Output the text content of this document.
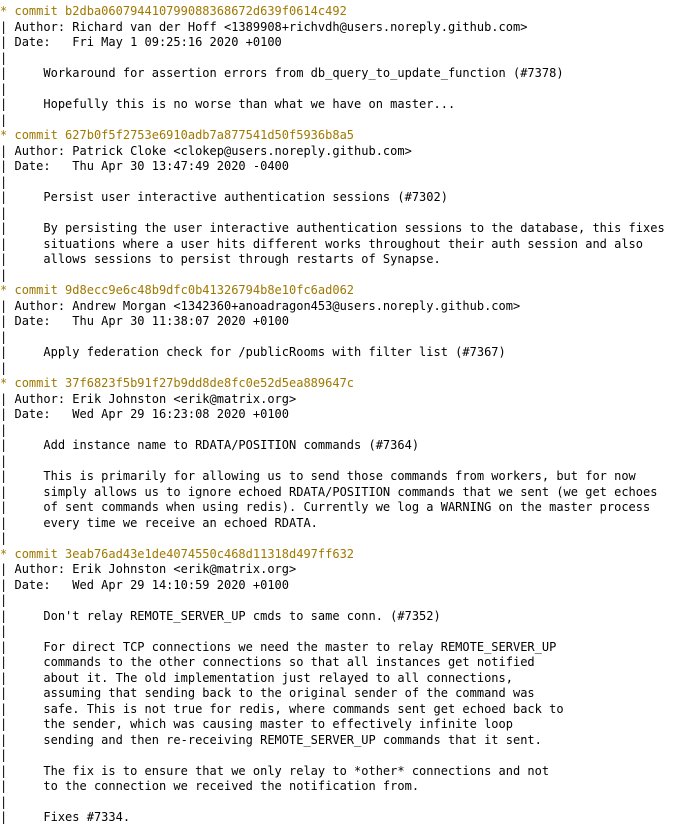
* commit b2dba060794410799088368672d639f0614c492
| Author: Richard van der Hoff <1389908+richvdh@users.noreply.github.com>
| Date:   Fri May 1 09:25:16 2020 +0100
|
|     Workaround for assertion errors from db_query_to_update_function (#7378)
|
|     Hopefully this is no worse than what we have on master...
|
* commit 627b0f5f2753e6910adb7a877541d50f5936b8a5
| Author: Patrick Cloke <clokep@users.noreply.github.com>
| Date:   Thu Apr 30 13:47:49 2020 -0400
|
|     Persist user interactive authentication sessions (#7302)
|
|     By persisting the user interactive authentication sessions to the database, this fixes
|     situations where a user hits different works throughout their auth session and also
|     allows sessions to persist through restarts of Synapse.
|
* commit 9d8ecc9e6c48b9dfc0b41326794b8e10fc6ad062
| Author: Andrew Morgan <1342360+anoadragon453@users.noreply.github.com>
| Date:   Thu Apr 30 11:38:07 2020 +0100
|
|     Apply federation check for /publicRooms with filter list (#7367)
|
* commit 37f6823f5b91f27b9dd8de8fc0e52d5ea889647c
| Author: Erik Johnston <erik@matrix.org>
| Date:   Wed Apr 29 16:23:08 2020 +0100
|
|     Add instance name to RDATA/POSITION commands (#7364)
|
|     This is primarily for allowing us to send those commands from workers, but for now
|     simply allows us to ignore echoed RDATA/POSITION commands that we sent (we get echoes
|     of sent commands when using redis). Currently we log a WARNING on the master process
|     every time we receive an echoed RDATA.
|
* commit 3eab76ad43e1de4074550c468d11318d497ff632
| Author: Erik Johnston <erik@matrix.org>
| Date:   Wed Apr 29 14:10:59 2020 +0100
|
|     Don't relay REMOTE_SERVER_UP cmds to same conn. (#7352)
|
|     For direct TCP connections we need the master to relay REMOTE_SERVER_UP
|     commands to the other connections so that all instances get notified
|     about it. The old implementation just relayed to all connections,
|     assuming that sending back to the original sender of the command was
|     safe. This is not true for redis, where commands sent get echoed back to
|     the sender, which was causing master to effectively infinite loop
|     sending and then re-receiving REMOTE_SERVER_UP commands that it sent.
|
|     The fix is to ensure that we only relay to *other* connections and not
|     to the connection we received the notification from.
|
|     Fixes #7334.
